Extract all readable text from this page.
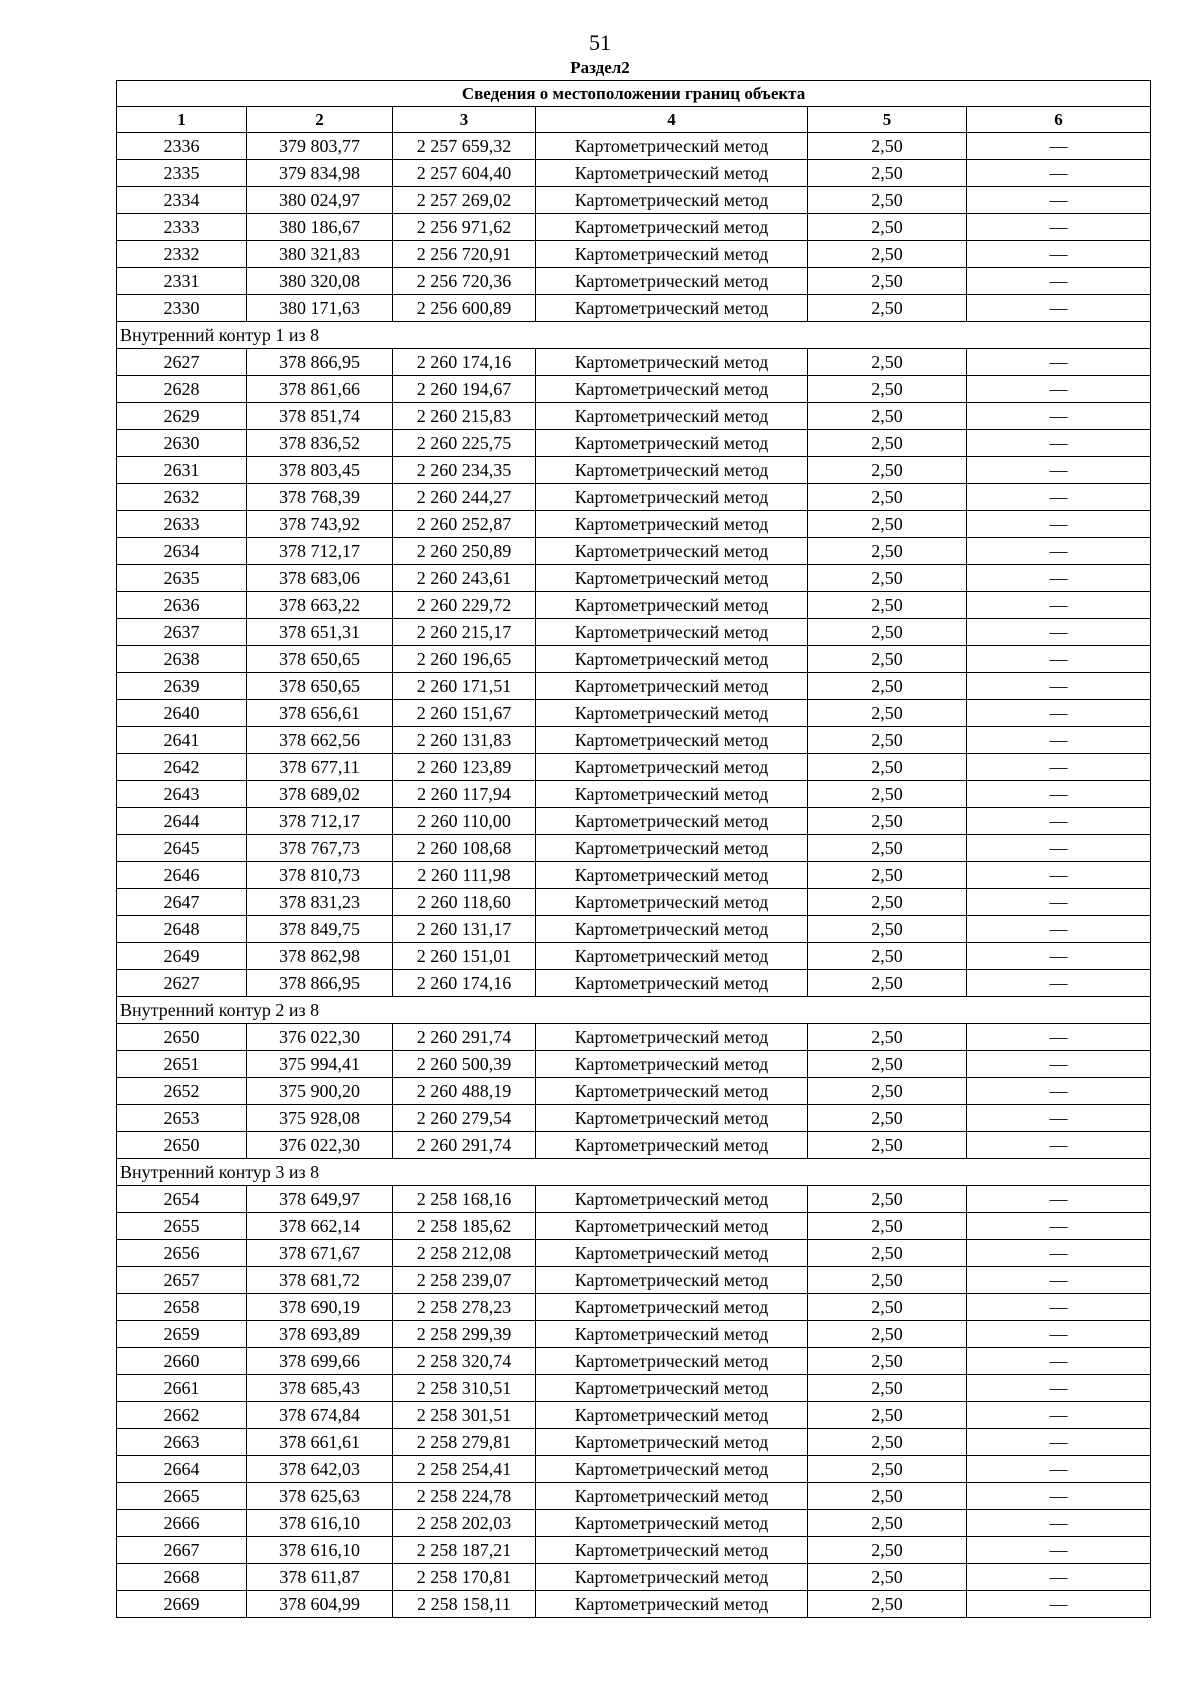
51
Раздел2
Сведения о местоположении границ объекта					
1	2	3	4	5	6
2336	379 803,77	2 257 659,32	Картометрический метод	2,50	—
2335	379 834,98	2 257 604,40	Картометрический метод	2,50	—
2334	380 024,97	2 257 269,02	Картометрический метод	2,50	—
2333	380 186,67	2 256 971,62	Картометрический метод	2,50	—
2332	380 321,83	2 256 720,91	Картометрический метод	2,50	—
2331	380 320,08	2 256 720,36	Картометрический метод	2,50	—
2330	380 171,63	2 256 600,89	Картометрический метод	2,50	—
Внутренний контур 1 из 8					
2627	378 866,95	2 260 174,16	Картометрический метод	2,50	—
2628	378 861,66	2 260 194,67	Картометрический метод	2,50	—
2629	378 851,74	2 260 215,83	Картометрический метод	2,50	—
2630	378 836,52	2 260 225,75	Картометрический метод	2,50	—
2631	378 803,45	2 260 234,35	Картометрический метод	2,50	—
2632	378 768,39	2 260 244,27	Картометрический метод	2,50	—
2633	378 743,92	2 260 252,87	Картометрический метод	2,50	—
2634	378 712,17	2 260 250,89	Картометрический метод	2,50	—
2635	378 683,06	2 260 243,61	Картометрический метод	2,50	—
2636	378 663,22	2 260 229,72	Картометрический метод	2,50	—
2637	378 651,31	2 260 215,17	Картометрический метод	2,50	—
2638	378 650,65	2 260 196,65	Картометрический метод	2,50	—
2639	378 650,65	2 260 171,51	Картометрический метод	2,50	—
2640	378 656,61	2 260 151,67	Картометрический метод	2,50	—
2641	378 662,56	2 260 131,83	Картометрический метод	2,50	—
2642	378 677,11	2 260 123,89	Картометрический метод	2,50	—
2643	378 689,02	2 260 117,94	Картометрический метод	2,50	—
2644	378 712,17	2 260 110,00	Картометрический метод	2,50	—
2645	378 767,73	2 260 108,68	Картометрический метод	2,50	—
2646	378 810,73	2 260 111,98	Картометрический метод	2,50	—
2647	378 831,23	2 260 118,60	Картометрический метод	2,50	—
2648	378 849,75	2 260 131,17	Картометрический метод	2,50	—
2649	378 862,98	2 260 151,01	Картометрический метод	2,50	—
2627	378 866,95	2 260 174,16	Картометрический метод	2,50	—
Внутренний контур 2 из 8					
2650	376 022,30	2 260 291,74	Картометрический метод	2,50	—
2651	375 994,41	2 260 500,39	Картометрический метод	2,50	—
2652	375 900,20	2 260 488,19	Картометрический метод	2,50	—
2653	375 928,08	2 260 279,54	Картометрический метод	2,50	—
2650	376 022,30	2 260 291,74	Картометрический метод	2,50	—
Внутренний контур 3 из 8					
2654	378 649,97	2 258 168,16	Картометрический метод	2,50	—
2655	378 662,14	2 258 185,62	Картометрический метод	2,50	—
2656	378 671,67	2 258 212,08	Картометрический метод	2,50	—
2657	378 681,72	2 258 239,07	Картометрический метод	2,50	—
2658	378 690,19	2 258 278,23	Картометрический метод	2,50	—
2659	378 693,89	2 258 299,39	Картометрический метод	2,50	—
2660	378 699,66	2 258 320,74	Картометрический метод	2,50	—
2661	378 685,43	2 258 310,51	Картометрический метод	2,50	—
2662	378 674,84	2 258 301,51	Картометрический метод	2,50	—
2663	378 661,61	2 258 279,81	Картометрический метод	2,50	—
2664	378 642,03	2 258 254,41	Картометрический метод	2,50	—
2665	378 625,63	2 258 224,78	Картометрический метод	2,50	—
2666	378 616,10	2 258 202,03	Картометрический метод	2,50	—
2667	378 616,10	2 258 187,21	Картометрический метод	2,50	—
2668	378 611,87	2 258 170,81	Картометрический метод	2,50	—
2669	378 604,99	2 258 158,11	Картометрический метод	2,50	—
